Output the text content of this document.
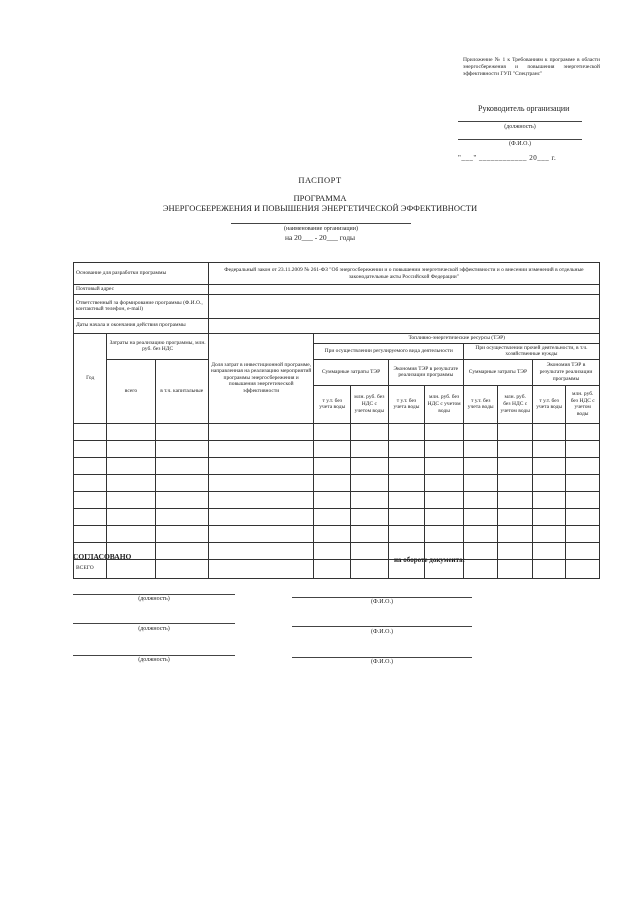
Приложение № 1 к Требованиям к программе в области энергосбережения и повышения энергетической эффективности ГУП "Спецтранс"
Руководитель организации
(должность)
(Ф.И.О.)
"___" ____________ 20___ г.
ПАСПОРТ
ПРОГРАММА
ЭНЕРГОСБЕРЕЖЕНИЯ И ПОВЫШЕНИЯ ЭНЕРГЕТИЧЕСКОЙ ЭФФЕКТИВНОСТИ
(наименование организации)
на 20___ - 20___ годы
Основание для разработки программы			Федеральный закон от 23.11.2009 № 261-ФЗ "Об энергосбережении и о повышении энергетической эффективности и о внесении изменений в отдельные законодательные акты Российской Федерации"								
Почтовый адрес											
Ответственный за формирование программы (Ф.И.О., контактный телефон, e-mail)											
Даты начала и окончания действия программы											
Год	Затраты на реализацию программы, млн. руб. без НДС		Доля затрат в инвестиционной программе, направленная на реализацию мероприятий программы энергосбережения и повышения энергетической эффективности	Топливно-энергетические ресурсы (ТЭР)							
				При осуществлении регулируемого вида деятельности				При осуществлении прочей деятельности, в т.ч. хозяйственные нужды			
	всего	в т.ч. капитальные		Суммарные затраты ТЭР		Экономия ТЭР в результате реализации программы		Суммарные затраты ТЭР		Экономия ТЭР в результате реализации программы	
				т у.т. без учета воды	млн. руб. без НДС с учетом воды	т у.т. без учета воды	млн. руб. без НДС с учетом воды	т у.т. без учета воды	млн. руб. без НДС с учетом воды	т у.т. без учета воды	млн. руб. без НДС с учетом воды

ВСЕГО											
СОГЛАСОВАНО	на обороте документа:
(должность)	(Ф.И.О.)
(должность)	(Ф.И.О.)
(должность)	(Ф.И.О.)
